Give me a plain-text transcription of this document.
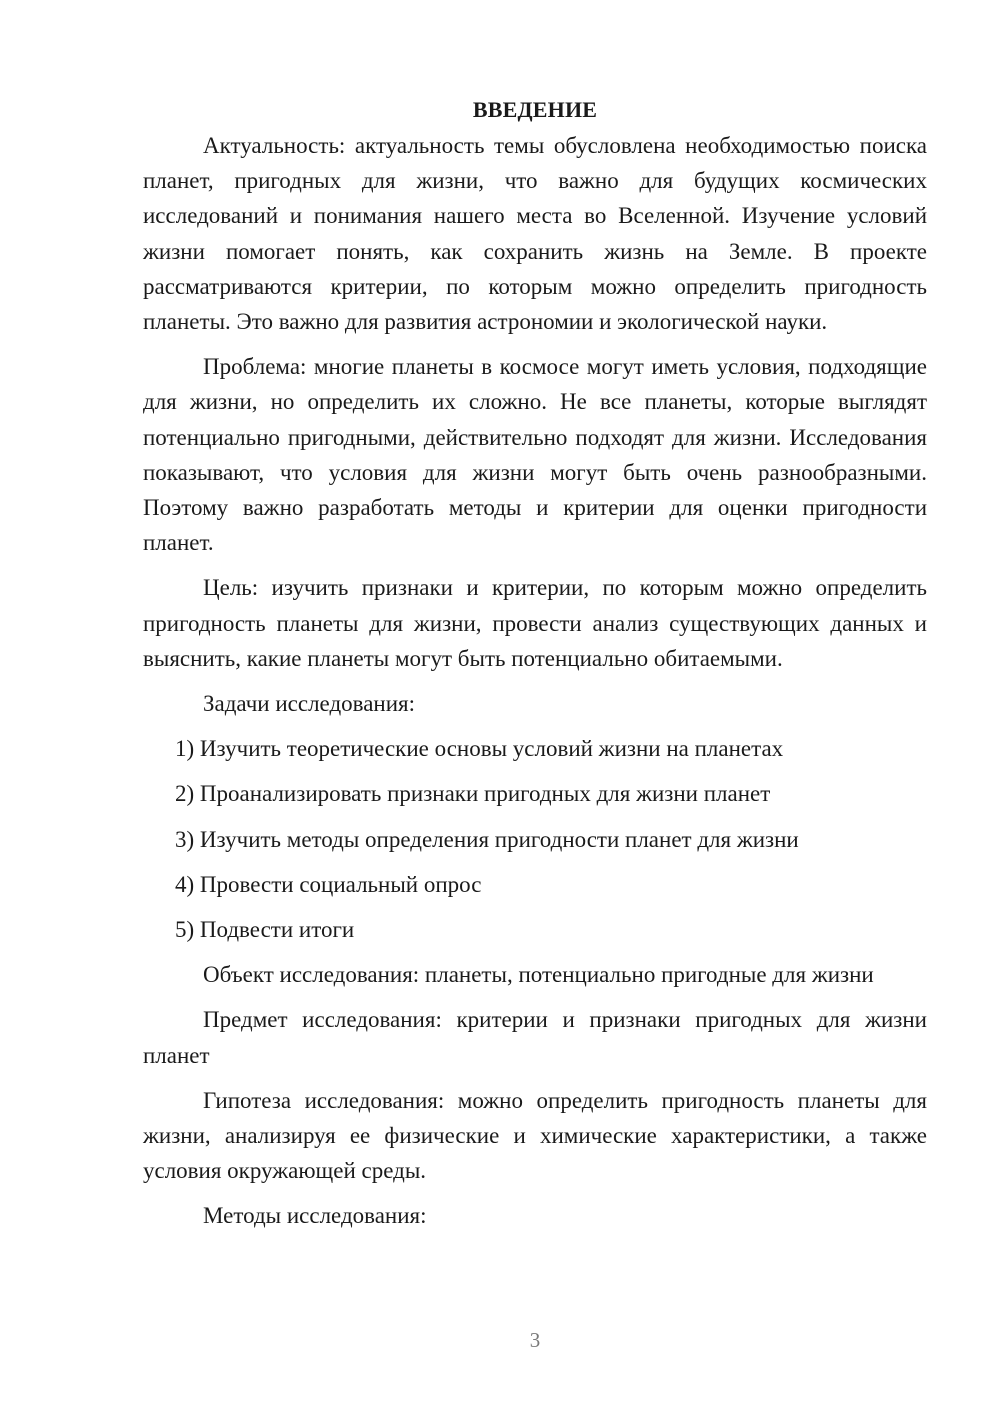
ВВЕДЕНИЕ

Актуальность: актуальность темы обусловлена необходимостью поиска планет, пригодных для жизни, что важно для будущих космических исследований и понимания нашего места во Вселенной. Изучение условий жизни помогает понять, как сохранить жизнь на Земле. В проекте рассматриваются критерии, по которым можно определить пригодность планеты. Это важно для развития астрономии и экологической науки.

Проблема: многие планеты в космосе могут иметь условия, подходящие для жизни, но определить их сложно. Не все планеты, которые выглядят потенциально пригодными, действительно подходят для жизни. Исследования показывают, что условия для жизни могут быть очень разнообразными. Поэтому важно разработать методы и критерии для оценки пригодности планет.

Цель: изучить признаки и критерии, по которым можно определить пригодность планеты для жизни, провести анализ существующих данных и выяснить, какие планеты могут быть потенциально обитаемыми.

Задачи исследования:

1) Изучить теоретические основы условий жизни на планетах

2) Проанализировать признаки пригодных для жизни планет

3) Изучить методы определения пригодности планет для жизни

4) Провести социальный опрос

5) Подвести итоги

Объект исследования: планеты, потенциально пригодные для жизни

Предмет исследования: критерии и признаки пригодных для жизни планет

Гипотеза исследования: можно определить пригодность планеты для жизни, анализируя ее физические и химические характеристики, а также условия окружающей среды.

Методы исследования:

3
